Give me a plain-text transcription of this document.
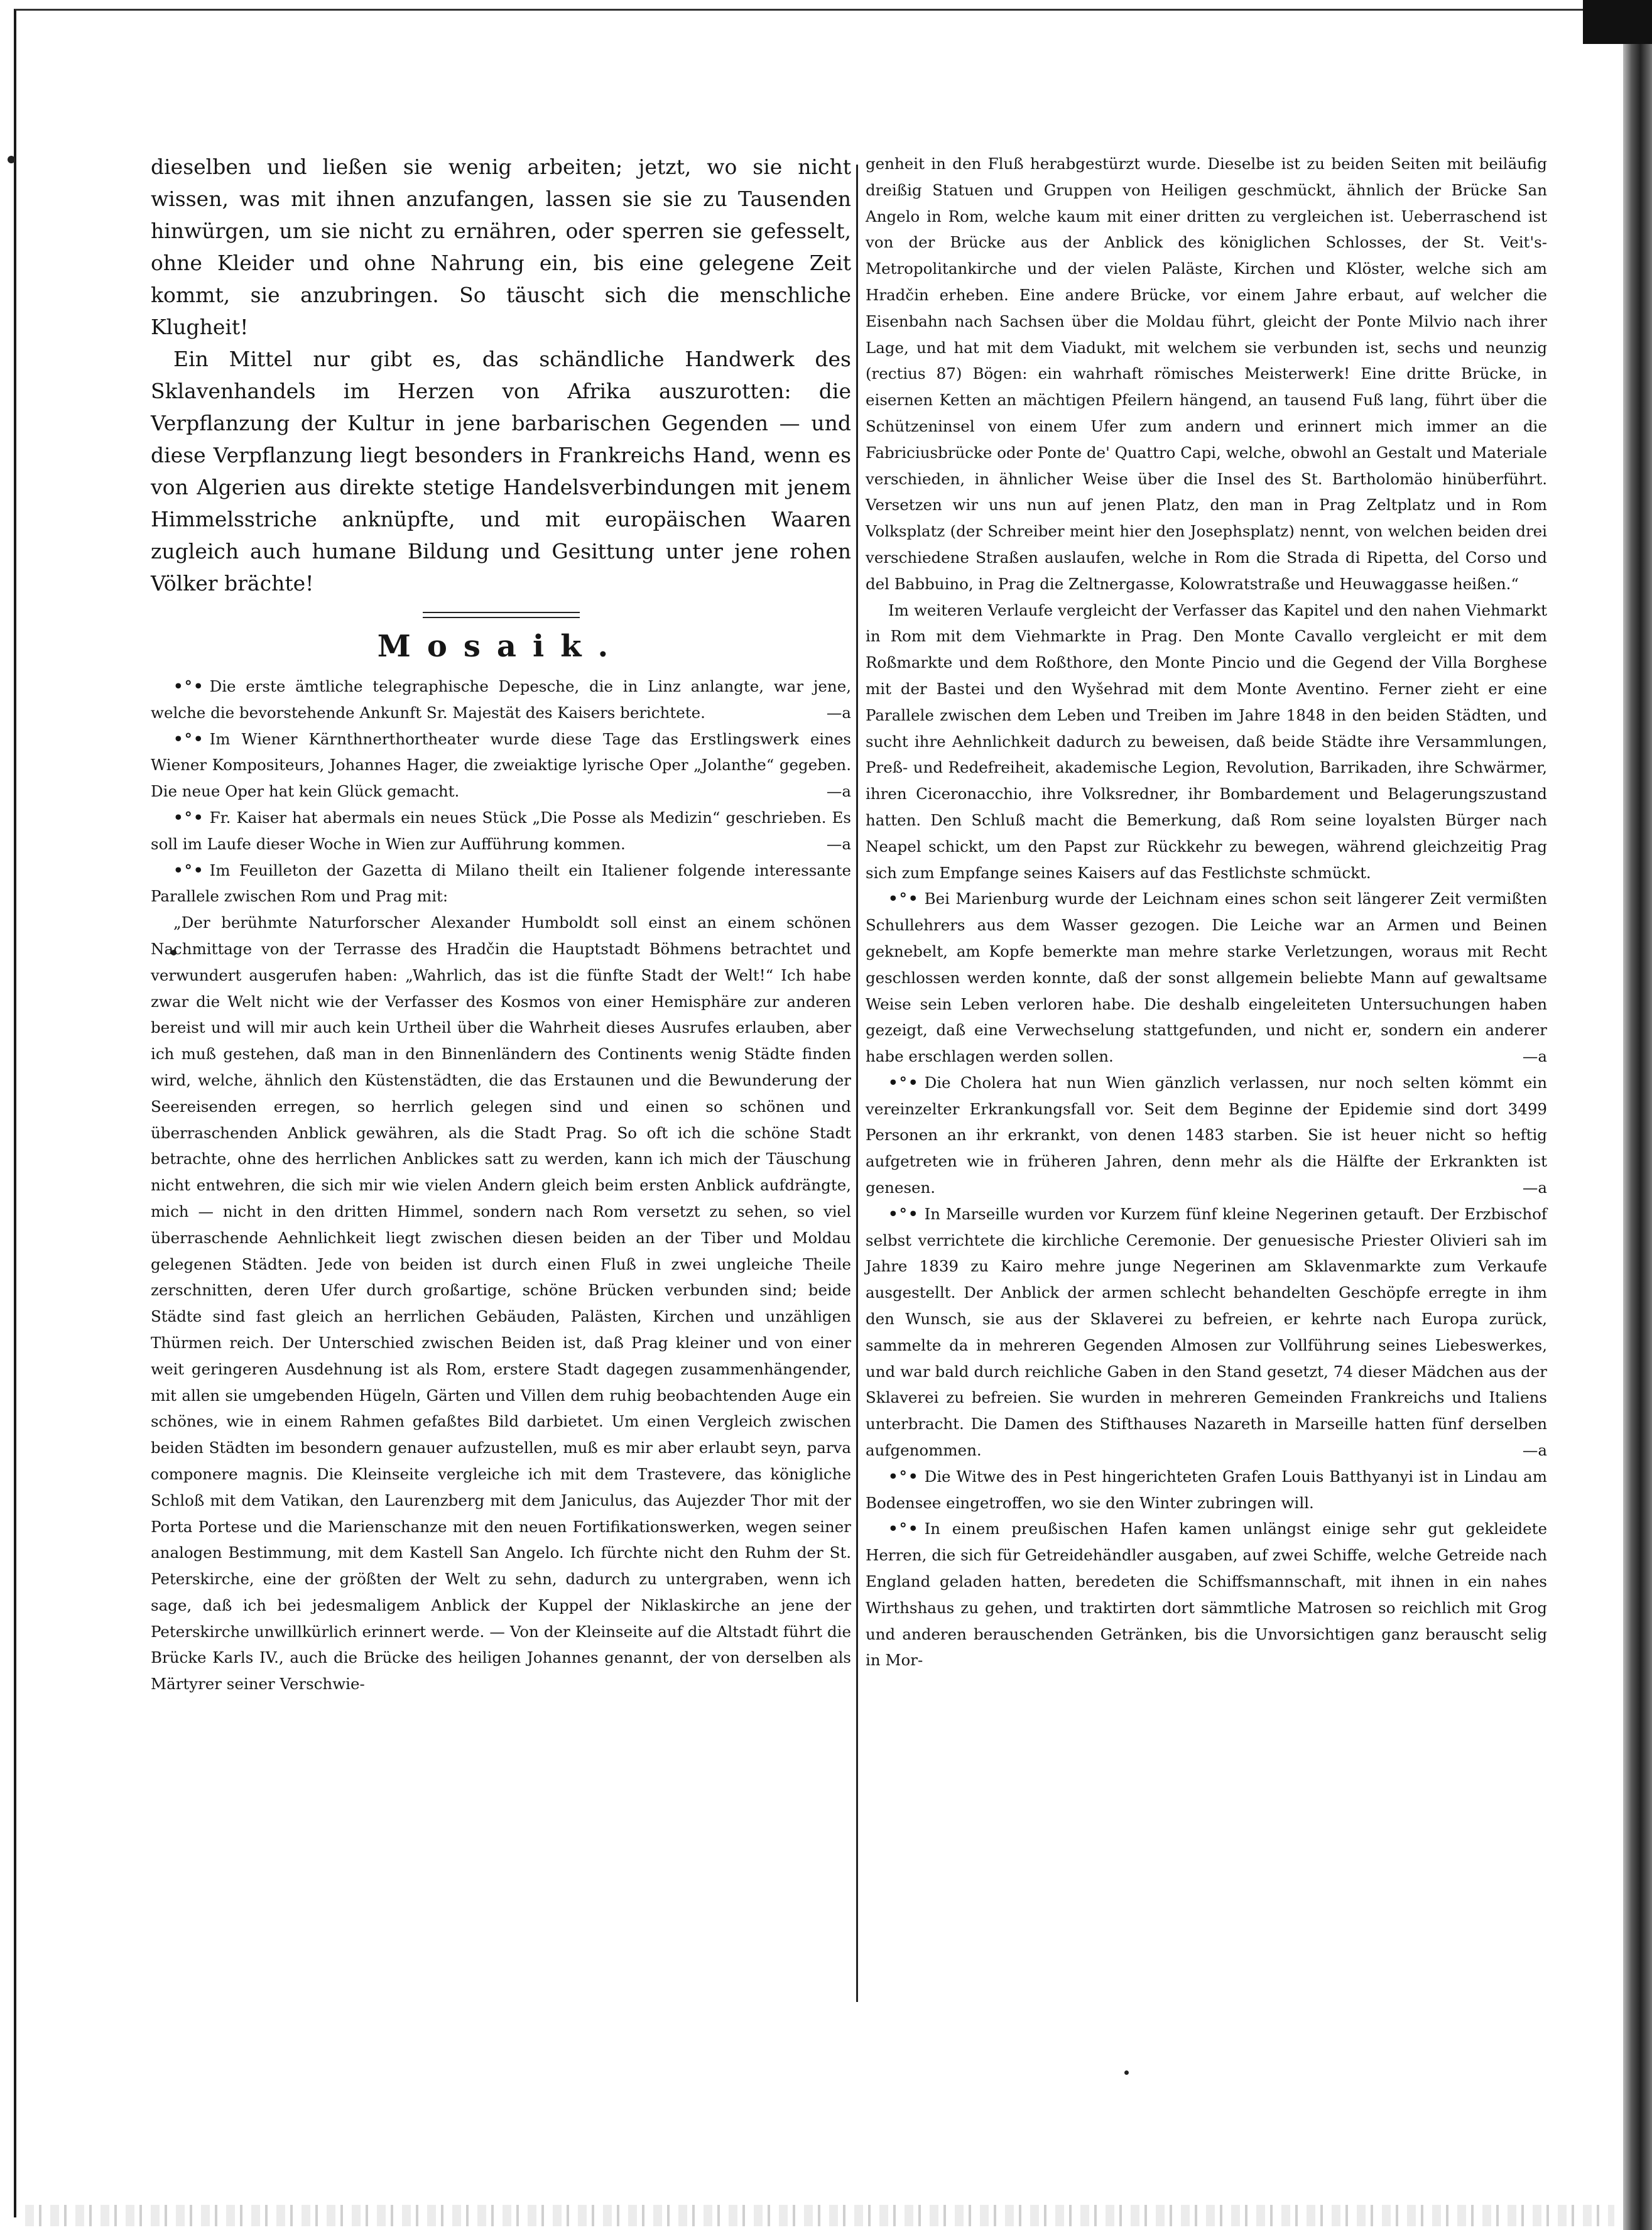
dieselben und ließen sie wenig arbeiten; jetzt, wo sie nicht wissen, was mit ihnen anzufangen, lassen sie sie zu Tausenden hinwürgen, um sie nicht zu ernähren, oder sperren sie gefesselt, ohne Kleider und ohne Nahrung ein, bis eine gelegene Zeit kommt, sie anzubringen. So täuscht sich die menschliche Klugheit!

Ein Mittel nur gibt es, das schändliche Handwerk des Sklavenhandels im Herzen von Afrika auszurotten: die Verpflanzung der Kultur in jene barbarischen Gegenden — und diese Verpflanzung liegt besonders in Frankreichs Hand, wenn es von Algerien aus direkte stetige Handelsverbindungen mit jenem Himmelsstriche anknüpfte, und mit europäischen Waaren zugleich auch humane Bildung und Gesittung unter jene rohen Völker brächte!

Mosaik.

•°• Die erste ämtliche telegraphische Depesche, die in Linz anlangte, war jene, welche die bevorstehende Ankunft Sr. Majestät des Kaisers berichtete.	—a

•°• Im Wiener Kärnthnerthortheater wurde diese Tage das Erstlingswerk eines Wiener Kompositeurs, Johannes Hager, die zweiaktige lyrische Oper „Jolanthe“ gegeben. Die neue Oper hat kein Glück gemacht.	—a

•°• Fr. Kaiser hat abermals ein neues Stück „Die Posse als Medizin“ geschrieben. Es soll im Laufe dieser Woche in Wien zur Aufführung kommen.	—a

•°• Im Feuilleton der Gazetta di Milano theilt ein Italiener folgende interessante Parallele zwischen Rom und Prag mit:

„Der berühmte Naturforscher Alexander Humboldt soll einst an einem schönen Nachmittage von der Terrasse des Hradčin die Hauptstadt Böhmens betrachtet und verwundert ausgerufen haben: „Wahrlich, das ist die fünfte Stadt der Welt!“ Ich habe zwar die Welt nicht wie der Verfasser des Kosmos von einer Hemisphäre zur anderen bereist und will mir auch kein Urtheil über die Wahrheit dieses Ausrufes erlauben, aber ich muß gestehen, daß man in den Binnenländern des Continents wenig Städte finden wird, welche, ähnlich den Küstenstädten, die das Erstaunen und die Bewunderung der Seereisenden erregen, so herrlich gelegen sind und einen so schönen und überraschenden Anblick gewähren, als die Stadt Prag. So oft ich die schöne Stadt betrachte, ohne des herrlichen Anblickes satt zu werden, kann ich mich der Täuschung nicht entwehren, die sich mir wie vielen Andern gleich beim ersten Anblick aufdrängte, mich — nicht in den dritten Himmel, sondern nach Rom versetzt zu sehen, so viel überraschende Aehnlichkeit liegt zwischen diesen beiden an der Tiber und Moldau gelegenen Städten. Jede von beiden ist durch einen Fluß in zwei ungleiche Theile zerschnitten, deren Ufer durch großartige, schöne Brücken verbunden sind; beide Städte sind fast gleich an herrlichen Gebäuden, Palästen, Kirchen und unzähligen Thürmen reich. Der Unterschied zwischen Beiden ist, daß Prag kleiner und von einer weit geringeren Ausdehnung ist als Rom, erstere Stadt dagegen zusammenhängender, mit allen sie umgebenden Hügeln, Gärten und Villen dem ruhig beobachtenden Auge ein schönes, wie in einem Rahmen gefaßtes Bild darbietet. Um einen Vergleich zwischen beiden Städten im besondern genauer aufzustellen, muß es mir aber erlaubt seyn, parva componere magnis. Die Kleinseite vergleiche ich mit dem Trastevere, das königliche Schloß mit dem Vatikan, den Laurenzberg mit dem Janiculus, das Aujezder Thor mit der Porta Portese und die Marienschanze mit den neuen Fortifikationswerken, wegen seiner analogen Bestimmung, mit dem Kastell San Angelo. Ich fürchte nicht den Ruhm der St. Peterskirche, eine der größten der Welt zu sehn, dadurch zu untergraben, wenn ich sage, daß ich bei jedesmaligem Anblick der Kuppel der Niklaskirche an jene der Peterskirche unwillkürlich erinnert werde. — Von der Kleinseite auf die Altstadt führt die Brücke Karls IV., auch die Brücke des heiligen Johannes genannt, der von derselben als Märtyrer seiner Verschwie-

genheit in den Fluß herabgestürzt wurde. Dieselbe ist zu beiden Seiten mit beiläufig dreißig Statuen und Gruppen von Heiligen geschmückt, ähnlich der Brücke San Angelo in Rom, welche kaum mit einer dritten zu vergleichen ist. Ueberraschend ist von der Brücke aus der Anblick des königlichen Schlosses, der St. Veit's-Metropolitankirche und der vielen Paläste, Kirchen und Klöster, welche sich am Hradčin erheben. Eine andere Brücke, vor einem Jahre erbaut, auf welcher die Eisenbahn nach Sachsen über die Moldau führt, gleicht der Ponte Milvio nach ihrer Lage, und hat mit dem Viadukt, mit welchem sie verbunden ist, sechs und neunzig (rectius 87) Bögen: ein wahrhaft römisches Meisterwerk! Eine dritte Brücke, in eisernen Ketten an mächtigen Pfeilern hängend, an tausend Fuß lang, führt über die Schützeninsel von einem Ufer zum andern und erinnert mich immer an die Fabriciusbrücke oder Ponte de' Quattro Capi, welche, obwohl an Gestalt und Materiale verschieden, in ähnlicher Weise über die Insel des St. Bartholomäo hinüberführt. Versetzen wir uns nun auf jenen Platz, den man in Prag Zeltplatz und in Rom Volksplatz (der Schreiber meint hier den Josephsplatz) nennt, von welchen beiden drei verschiedene Straßen auslaufen, welche in Rom die Strada di Ripetta, del Corso und del Babbuino, in Prag die Zeltnergasse, Kolowratstraße und Heuwaggasse heißen.“

Im weiteren Verlaufe vergleicht der Verfasser das Kapitel und den nahen Viehmarkt in Rom mit dem Viehmarkte in Prag. Den Monte Cavallo vergleicht er mit dem Roßmarkte und dem Roßthore, den Monte Pincio und die Gegend der Villa Borghese mit der Bastei und den Wyšehrad mit dem Monte Aventino. Ferner zieht er eine Parallele zwischen dem Leben und Treiben im Jahre 1848 in den beiden Städten, und sucht ihre Aehnlichkeit dadurch zu beweisen, daß beide Städte ihre Versammlungen, Preß- und Redefreiheit, akademische Legion, Revolution, Barrikaden, ihre Schwärmer, ihren Ciceronacchio, ihre Volksredner, ihr Bombardement und Belagerungszustand hatten. Den Schluß macht die Bemerkung, daß Rom seine loyalsten Bürger nach Neapel schickt, um den Papst zur Rückkehr zu bewegen, während gleichzeitig Prag sich zum Empfange seines Kaisers auf das Festlichste schmückt.

•°• Bei Marienburg wurde der Leichnam eines schon seit längerer Zeit vermißten Schullehrers aus dem Wasser gezogen. Die Leiche war an Armen und Beinen geknebelt, am Kopfe bemerkte man mehre starke Verletzungen, woraus mit Recht geschlossen werden konnte, daß der sonst allgemein beliebte Mann auf gewaltsame Weise sein Leben verloren habe. Die deshalb eingeleiteten Untersuchungen haben gezeigt, daß eine Verwechselung stattgefunden, und nicht er, sondern ein anderer habe erschlagen werden sollen.	—a

•°• Die Cholera hat nun Wien gänzlich verlassen, nur noch selten kömmt ein vereinzelter Erkrankungsfall vor. Seit dem Beginne der Epidemie sind dort 3499 Personen an ihr erkrankt, von denen 1483 starben. Sie ist heuer nicht so heftig aufgetreten wie in früheren Jahren, denn mehr als die Hälfte der Erkrankten ist genesen.	—a

•°• In Marseille wurden vor Kurzem fünf kleine Negerinen getauft. Der Erzbischof selbst verrichtete die kirchliche Ceremonie. Der genuesische Priester Olivieri sah im Jahre 1839 zu Kairo mehre junge Negerinen am Sklavenmarkte zum Verkaufe ausgestellt. Der Anblick der armen schlecht behandelten Geschöpfe erregte in ihm den Wunsch, sie aus der Sklaverei zu befreien, er kehrte nach Europa zurück, sammelte da in mehreren Gegenden Almosen zur Vollführung seines Liebeswerkes, und war bald durch reichliche Gaben in den Stand gesetzt, 74 dieser Mädchen aus der Sklaverei zu befreien. Sie wurden in mehreren Gemeinden Frankreichs und Italiens unterbracht. Die Damen des Stifthauses Nazareth in Marseille hatten fünf derselben aufgenommen.	—a

•°• Die Witwe des in Pest hingerichteten Grafen Louis Batthyanyi ist in Lindau am Bodensee eingetroffen, wo sie den Winter zubringen will.

•°• In einem preußischen Hafen kamen unlängst einige sehr gut gekleidete Herren, die sich für Getreidehändler ausgaben, auf zwei Schiffe, welche Getreide nach England geladen hatten, beredeten die Schiffsmannschaft, mit ihnen in ein nahes Wirthshaus zu gehen, und traktirten dort sämmtliche Matrosen so reichlich mit Grog und anderen berauschenden Getränken, bis die Unvorsichtigen ganz berauscht selig in Mor-
